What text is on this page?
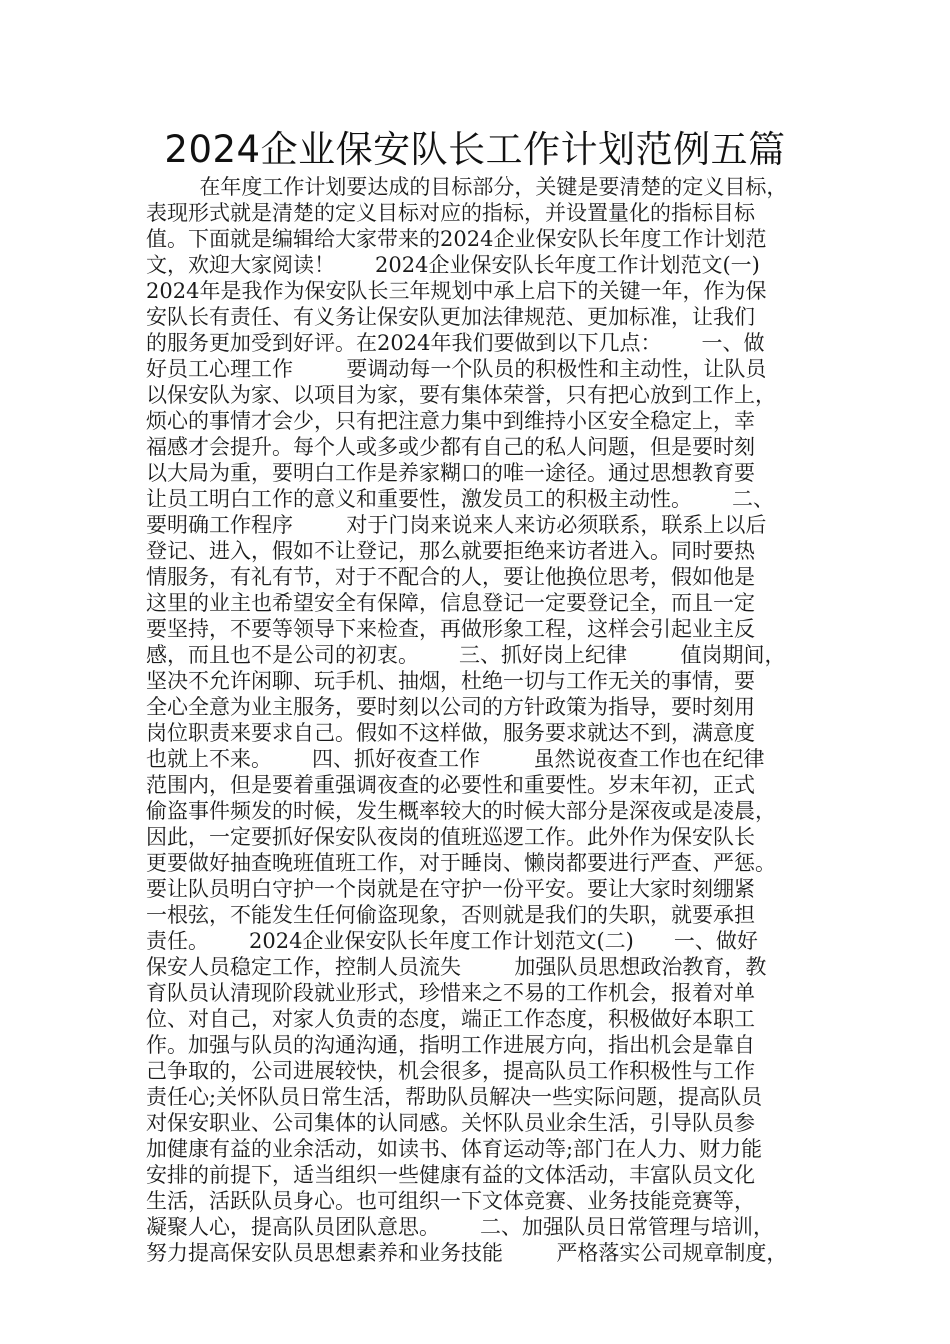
2024企业保安队长工作计划范例五篇
在年度工作计划要达成的目标部分，关键是要清楚的定义目标，
表现形式就是清楚的定义目标对应的指标，并设置量化的指标目标
值。下面就是编辑给大家带来的2024企业保安队长年度工作计划范
文，欢迎大家阅读！      2024企业保安队长年度工作计划范文(一)
2024年是我作为保安队长三年规划中承上启下的关键一年，作为保
安队长有责任、有义务让保安队更加法律规范、更加标准，让我们
的服务更加受到好评。在2024年我们要做到以下几点：      一、做
好员工心理工作        要调动每一个队员的积极性和主动性，让队员
以保安队为家、以项目为家，要有集体荣誉，只有把心放到工作上，
烦心的事情才会少，只有把注意力集中到维持小区安全稳定上，幸
福感才会提升。每个人或多或少都有自己的私人问题，但是要时刻
以大局为重，要明白工作是养家糊口的唯一途径。通过思想教育要
让员工明白工作的意义和重要性，激发员工的积极主动性。      二、
要明确工作程序        对于门岗来说来人来访必须联系，联系上以后
登记、进入，假如不让登记，那么就要拒绝来访者进入。同时要热
情服务，有礼有节，对于不配合的人，要让他换位思考，假如他是
这里的业主也希望安全有保障，信息登记一定要登记全，而且一定
要坚持，不要等领导下来检查，再做形象工程，这样会引起业主反
感，而且也不是公司的初衷。      三、抓好岗上纪律        值岗期间，
坚决不允许闲聊、玩手机、抽烟，杜绝一切与工作无关的事情，要
全心全意为业主服务，要时刻以公司的方针政策为指导，要时刻用
岗位职责来要求自己。假如不这样做，服务要求就达不到，满意度
也就上不来。      四、抓好夜查工作        虽然说夜查工作也在纪律
范围内，但是要着重强调夜查的必要性和重要性。岁末年初，正式
偷盗事件频发的时候，发生概率较大的时候大部分是深夜或是凌晨，
因此，一定要抓好保安队夜岗的值班巡逻工作。此外作为保安队长
更要做好抽查晚班值班工作，对于睡岗、懒岗都要进行严查、严惩。
要让队员明白守护一个岗就是在守护一份平安。要让大家时刻绷紧
一根弦，不能发生任何偷盗现象，否则就是我们的失职，就要承担
责任。      2024企业保安队长年度工作计划范文(二)      一、做好
保安人员稳定工作，控制人员流失        加强队员思想政治教育，教
育队员认清现阶段就业形式，珍惜来之不易的工作机会，报着对单
位、对自己，对家人负责的态度，端正工作态度，积极做好本职工
作。加强与队员的沟通沟通，指明工作进展方向，指出机会是靠自
己争取的，公司进展较快，机会很多，提高队员工作积极性与工作
责任心;关怀队员日常生活，帮助队员解决一些实际问题，提高队员
对保安职业、公司集体的认同感。关怀队员业余生活，引导队员参
加健康有益的业余活动，如读书、体育运动等;部门在人力、财力能
安排的前提下，适当组织一些健康有益的文体活动，丰富队员文化
生活，活跃队员身心。也可组织一下文体竞赛、业务技能竞赛等，
凝聚人心，提高队员团队意思。      二、加强队员日常管理与培训，
努力提高保安队员思想素养和业务技能        严格落实公司规章制度，
